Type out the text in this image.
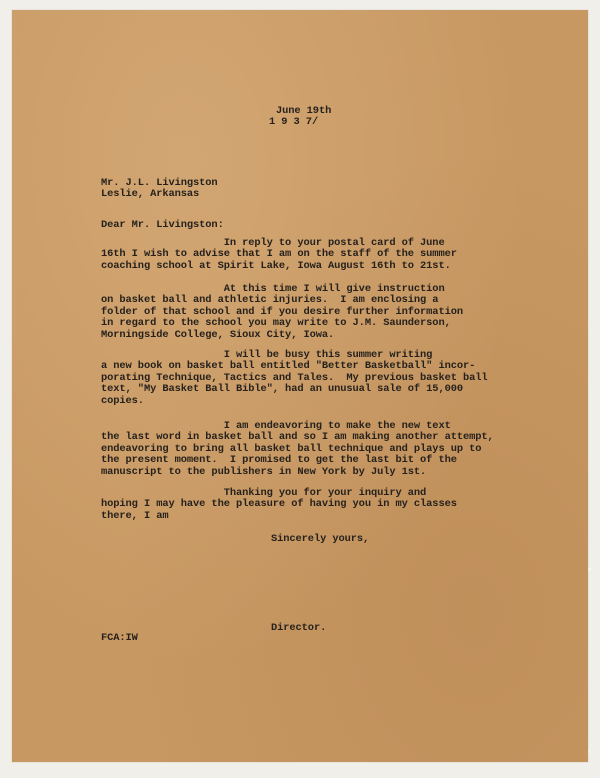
June 19th
1 9 3 7/
Mr. J.L. Livingston
Leslie, Arkansas
Dear Mr. Livingston:
In reply to your postal card of June
16th I wish to advise that I am on the staff of the summer
coaching school at Spirit Lake, Iowa August 16th to 21st.
At this time I will give instruction
on basket ball and athletic injuries.  I am enclosing a
folder of that school and if you desire further information
in regard to the school you may write to J.M. Saunderson,
Morningside College, Sioux City, Iowa.
I will be busy this summer writing
a new book on basket ball entitled "Better Basketball" incor-
porating Technique, Tactics and Tales.  My previous basket ball
text, "My Basket Ball Bible", had an unusual sale of 15,000
copies.
I am endeavoring to make the new text
the last word in basket ball and so I am making another attempt,
endeavoring to bring all basket ball technique and plays up to
the present moment.  I promised to get the last bit of the
manuscript to the publishers in New York by July 1st.
Thanking you for your inquiry and
hoping I may have the pleasure of having you in my classes
there, I am
Sincerely yours,
Director.
FCA:IW
